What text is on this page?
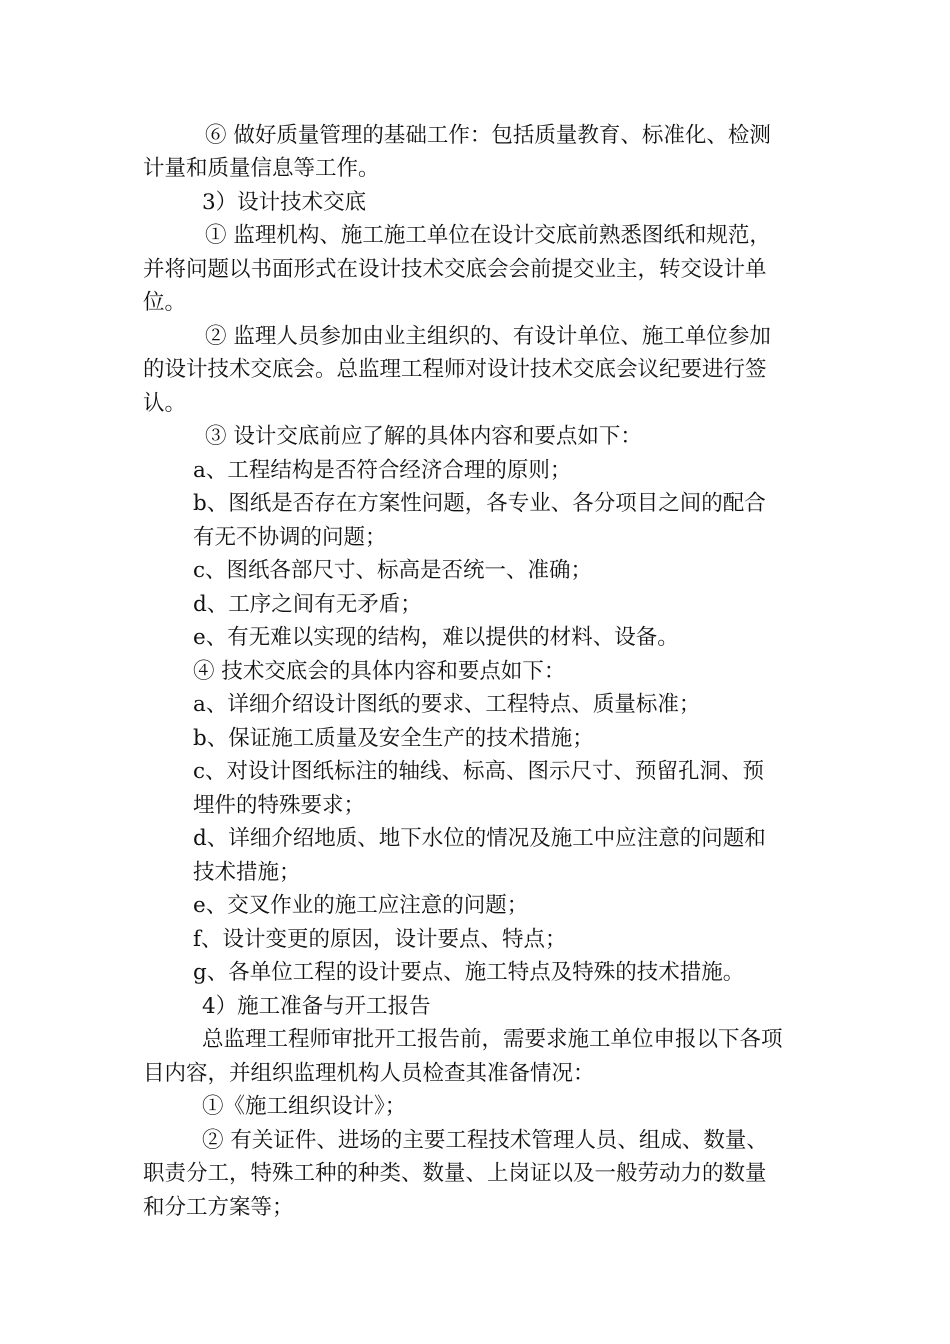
⑥ 做好质量管理的基础工作：包括质量教育、标准化、检测

计量和质量信息等工作。

3）设计技术交底

① 监理机构、施工施工单位在设计交底前熟悉图纸和规范，

并将问题以书面形式在设计技术交底会会前提交业主，转交设计单

位。

② 监理人员参加由业主组织的、有设计单位、施工单位参加

的设计技术交底会。总监理工程师对设计技术交底会议纪要进行签

认。

③ 设计交底前应了解的具体内容和要点如下：

a、工程结构是否符合经济合理的原则；

b、图纸是否存在方案性问题，各专业、各分项目之间的配合

有无不协调的问题；

c、图纸各部尺寸、标高是否统一、准确；

d、工序之间有无矛盾；

e、有无难以实现的结构，难以提供的材料、设备。

④ 技术交底会的具体内容和要点如下：

a、详细介绍设计图纸的要求、工程特点、质量标准；

b、保证施工质量及安全生产的技术措施；

c、对设计图纸标注的轴线、标高、图示尺寸、预留孔洞、预

埋件的特殊要求；

d、详细介绍地质、地下水位的情况及施工中应注意的问题和

技术措施；

e、交叉作业的施工应注意的问题；

f、设计变更的原因，设计要点、特点；

g、各单位工程的设计要点、施工特点及特殊的技术措施。

4）施工准备与开工报告

总监理工程师审批开工报告前，需要求施工单位申报以下各项

目内容，并组织监理机构人员检查其准备情况：

①《施工组织设计》；

② 有关证件、进场的主要工程技术管理人员、组成、数量、

职责分工，特殊工种的种类、数量、上岗证以及一般劳动力的数量

和分工方案等；
